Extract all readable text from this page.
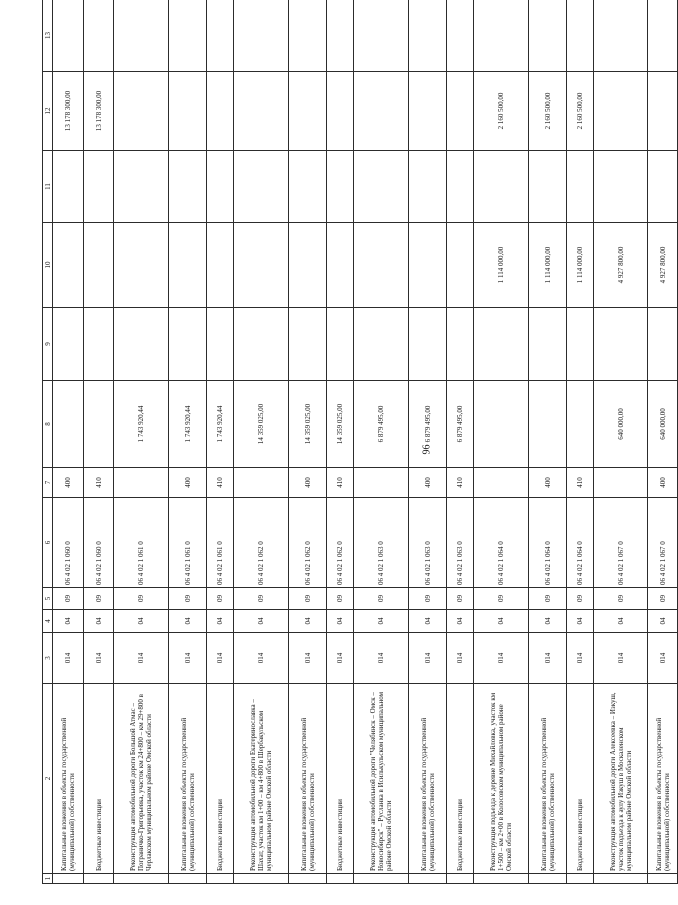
96
1	2	3	4	5	6	7	8	9	10	11	12	13
	Капитальные вложения в объекты государственной (муниципальной) собственности	014	04	09	06 4 02 1 060 0	400					13 178 300,00	
	Бюджетные инвестиции	014	04	09	06 4 02 1 060 0	410					13 178 300,00	
	Реконструкция автомобильной дороги Большой Атмас – Пограничко-Григорьевка, участок км 24+800 – км 29+800 в Черлакском муниципальном районе Омской области	014	04	09	06 4 02 1 061 0		1 743 920,44					
	Капитальные вложения в объекты государственной (муниципальной) собственности	014	04	09	06 4 02 1 061 0	400	1 743 920,44					
	Бюджетные инвестиции	014	04	09	06 4 02 1 061 0	410	1 743 920,44					
	Реконструкция автомобильной дороги Екатеринославка – Шахат, участок км 1+00 – км 4+800 в Шербакульском муниципальном районе Омской области	014	04	09	06 4 02 1 062 0		14 359 025,00					
	Капитальные вложения в объекты государственной (муниципальной) собственности	014	04	09	06 4 02 1 062 0	400	14 359 025,00					
	Бюджетные инвестиции	014	04	09	06 4 02 1 062 0	410	14 359 025,00					
	Реконструкция автомобильной дороги "Челябинск – Омск – Новосибирск" – Русланка в Исилькульском муниципальном районе Омской области	014	04	09	06 4 02 1 063 0		6 879 495,00					
	Капитальные вложения в объекты государственной (муниципальной) собственности	014	04	09	06 4 02 1 063 0	400	6 879 495,00					
	Бюджетные инвестиции	014	04	09	06 4 02 1 063 0	410	6 879 495,00					
	Реконструкция подъезда к деревне Михайловка, участок км 1+500 – км 2+00 в Колосовском муниципальном районе Омской области	014	04	09	06 4 02 1 064 0				1 114 000,00		2 160 500,00	
	Капитальные вложения в объекты государственной (муниципальной) собственности	014	04	09	06 4 02 1 064 0	400			1 114 000,00		2 160 500,00	
	Бюджетные инвестиции	014	04	09	06 4 02 1 064 0	410			1 114 000,00		2 160 500,00	
	Реконструкция автомобильной дороги Алексеевка – Изкуш, участок подъезда к аулу Изкуш в Москаленском муниципальном районе Омской области	014	04	09	06 4 02 1 067 0		640 000,00		4 927 800,00			
	Капитальные вложения в объекты государственной (муниципальной) собственности	014	04	09	06 4 02 1 067 0	400	640 000,00		4 927 800,00			
